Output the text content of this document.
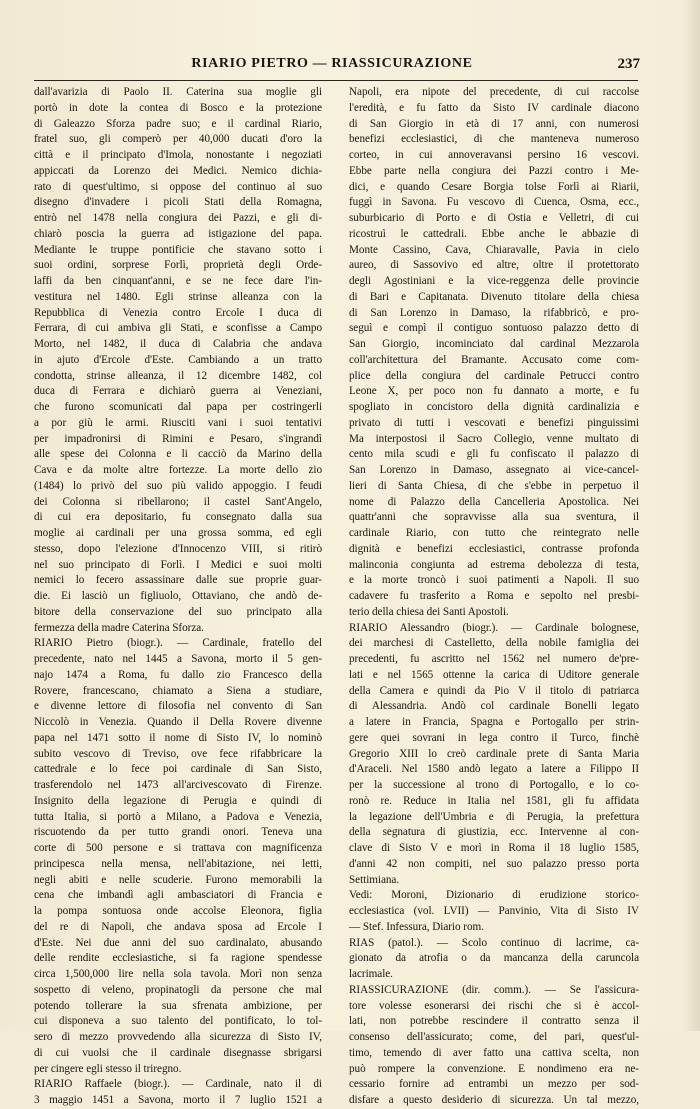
RIARIO PIETRO — RIASSICURAZIONE	237
dall'avarizia di Paolo II. Caterina sua moglie gli
portò in dote la contea di Bosco e la protezione
di Galeazzo Sforza padre suo; e il cardinal Riario,
fratel suo, gli comperò per 40,000 ducati d'oro la
città e il principato d'Imola, nonostante i negoziati
appiccati da Lorenzo dei Medici. Nemico dichia-
rato di quest'ultimo, si oppose del continuo al suo
disegno d'invadere i picoli Stati della Romagna,
entrò nel 1478 nella congiura dei Pazzi, e gli di-
chiarò poscia la guerra ad istigazione del papa.
Mediante le truppe pontificie che stavano sotto i
suoi ordini, sorprese Forlì, proprietà degli Orde-
laffi da ben cinquant'anni, e se ne fece dare l'in-
vestitura nel 1480. Egli strinse alleanza con la
Repubblica di Venezia contro Ercole I duca di
Ferrara, di cui ambiva gli Stati, e sconfisse a Campo
Morto, nel 1482, il duca di Calabria che andava
in ajuto d'Ercole d'Este. Cambiando a un tratto
condotta, strinse alleanza, il 12 dicembre 1482, col
duca di Ferrara e dichiarò guerra ai Veneziani,
che furono scomunicati dal papa per costringerli
a por giù le armi. Riusciti vani i suoi tentativi
per impadronirsi di Rimini e Pesaro, s'ingrandì
alle spese dei Colonna e li cacciò da Marino della
Cava e da molte altre fortezze. La morte dello zio
(1484) lo privò del suo più valido appoggio. I feudi
dei Colonna si ribellarono; il castel Sant'Angelo,
di cui era depositario, fu consegnato dalla sua
moglie ai cardinali per una grossa somma, ed egli
stesso, dopo l'elezione d'Innocenzo VIII, si ritirò
nel suo principato di Forlì. I Medici e suoi molti
nemici lo fecero assassinare dalle sue proprie guar-
die. Ei lasciò un figliuolo, Ottaviano, che andò de-
bitore della conservazione del suo principato alla
fermezza della madre Caterina Sforza.
RIARIO Pietro (biogr.). — Cardinale, fratello del
precedente, nato nel 1445 a Savona, morto il 5 gen-
najo 1474 a Roma, fu dallo zio Francesco della
Rovere, francescano, chiamato a Siena a studiare,
e divenne lettore di filosofia nel convento di San
Niccolò in Venezia. Quando il Della Rovere divenne
papa nel 1471 sotto il nome di Sisto IV, lo nominò
subito vescovo di Treviso, ove fece rifabbricare la
cattedrale e lo fece poi cardinale di San Sisto,
trasferendolo nel 1473 all'arcivescovato di Firenze.
Insignito della legazione di Perugia e quindi di
tutta Italia, si portò a Milano, a Padova e Venezia,
riscuotendo da per tutto grandi onori. Teneva una
corte di 500 persone e si trattava con magnificenza
principesca nella mensa, nell'abitazione, nei letti,
negli abiti e nelle scuderie. Furono memorabili la
cena che imbandì agli ambasciatori di Francia e
la pompa sontuosa onde accolse Eleonora, figlia
del re di Napoli, che andava sposa ad Ercole I
d'Este. Nei due anni del suo cardinalato, abusando
delle rendite ecclesiastiche, si fa ragione spendesse
circa 1,500,000 lire nella sola tavola. Morì non senza
sospetto di veleno, propinatogli da persone che mal
potendo tollerare la sua sfrenata ambizione, per
cui disponeva a suo talento del pontificato, lo tol-
sero di mezzo provvedendo alla sicurezza di Sisto IV,
di cui vuolsi che il cardinale disegnasse sbrigarsi
per cingere egli stesso il triregno.
RIARIO Raffaele (biogr.). — Cardinale, nato il di
3 maggio 1451 a Savona, morto il 7 luglio 1521 a
Napoli, era nipote del precedente, di cui raccolse
l'eredità, e fu fatto da Sisto IV cardinale diacono
di San Giorgio in età di 17 anni, con numerosi
benefizi ecclesiastici, di che manteneva numeroso
corteo, in cui annoveravansi persino 16 vescovi.
Ebbe parte nella congiura dei Pazzi contro i Me-
dici, e quando Cesare Borgia tolse Forlì ai Riarii,
fuggì in Savona. Fu vescovo di Cuenca, Osma, ecc.,
suburbicario di Porto e di Ostia e Velletri, di cui
ricostruì le cattedrali. Ebbe anche le abbazie di
Monte Cassino, Cava, Chiaravalle, Pavia in cielo
aureo, di Sassovivo ed altre, oltre il protettorato
degli Agostiniani e la vice-reggenza delle provincie
di Bari e Capitanata. Divenuto titolare della chiesa
di San Lorenzo in Damaso, la rifabbricò, e pro-
seguì e compì il contiguo sontuoso palazzo detto di
San Giorgio, incominciato dal cardinal Mezzarola
coll'architettura del Bramante. Accusato come com-
plice della congiura del cardinale Petrucci contro
Leone X, per poco non fu dannato a morte, e fu
spogliato in concistoro della dignità cardinalizia e
privato di tutti i vescovati e benefizi pinguissimi
Ma interpostosi il Sacro Collegio, venne multato di
cento mila scudi e gli fu confiscato il palazzo di
San Lorenzo in Damaso, assegnato ai vice-cancel-
lieri di Santa Chiesa, di che s'ebbe in perpetuo il
nome di Palazzo della Cancelleria Apostolica. Nei
quattr'anni che sopravvisse alla sua sventura, il
cardinale Riario, con tutto che reintegrato nelle
dignità e benefizi ecclesiastici, contrasse profonda
malinconia congiunta ad estrema debolezza di testa,
e la morte troncò i suoi patimenti a Napoli. Il suo
cadavere fu trasferito a Roma e sepolto nel presbi-
terio della chiesa dei Santi Apostoli.
RIARIO Alessandro (biogr.). — Cardinale bolognese,
dei marchesi di Castelletto, della nobile famiglia dei
precedenti, fu ascritto nel 1562 nel numero de'pre-
lati e nel 1565 ottenne la carica di Uditore generale
della Camera e quindi da Pio V il titolo di patriarca
di Alessandria. Andò col cardinale Bonelli legato
a latere in Francia, Spagna e Portogallo per strin-
gere quei sovrani in lega contro il Turco, finchè
Gregorio XIII lo creò cardinale prete di Santa Maria
d'Araceli. Nel 1580 andò legato a latere a Filippo II
per la successione al trono di Portogallo, e lo co-
ronò re. Reduce in Italia nel 1581, gli fu affidata
la legazione dell'Umbria e di Perugia, la prefettura
della segnatura di giustizia, ecc. Intervenne al con-
clave di Sisto V e morì in Roma il 18 luglio 1585,
d'anni 42 non compiti, nel suo palazzo presso porta
Settimiana.
Vedi: Moroni, Dizionario di erudizione storico-
ecclesiastica (vol. LVII) — Panvinio, Vita di Sisto IV
— Stef. Infessura, Diario rom.
RIAS (patol.). — Scolo continuo di lacrime, ca-
gionato da atrofia o da mancanza della caruncola
lacrimale.
RIASSICURAZIONE (dir. comm.). — Se l'assicura-
tore volesse esonerarsi dei rischi che si è accol-
lati, non potrebbe rescindere il contratto senza il
consenso dell'assicurato; come, del pari, quest'ul-
timo, temendo di aver fatto una cattiva scelta, non
può rompere la convenzione. E nondimeno era ne-
cessario fornire ad entrambi un mezzo per sod-
disfare a questo desiderio di sicurezza. Un tal mezzo,
